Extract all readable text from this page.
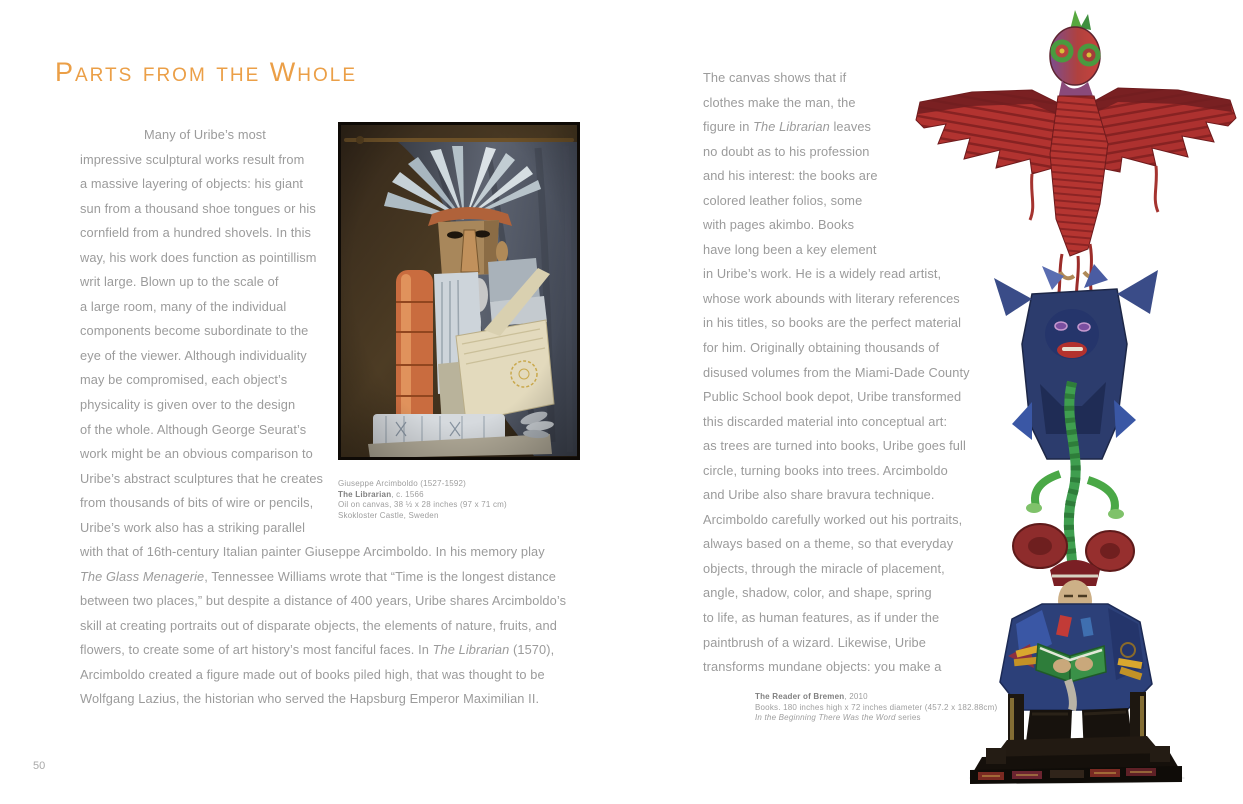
Parts from the Whole
Many of Uribe’s most
impressive sculptural works result from
a massive layering of objects: his giant
sun from a thousand shoe tongues or his
cornfield from a hundred shovels. In this
way, his work does function as pointillism
writ large. Blown up to the scale of
a large room, many of the individual
components become subordinate to the
eye of the viewer. Although individuality
may be compromised, each object’s
physicality is given over to the design
of the whole. Although George Seurat’s
work might be an obvious comparison to
Uribe’s abstract sculptures that he creates
from thousands of bits of wire or pencils,
Uribe’s work also has a striking parallel
with that of 16th-century Italian painter Giuseppe Arcimboldo. In his memory play
The Glass Menagerie, Tennessee Williams wrote that “Time is the longest distance
between two places,” but despite a distance of 400 years, Uribe shares Arcimboldo’s
skill at creating portraits out of disparate objects, the elements of nature, fruits, and
flowers, to create some of art history’s most fanciful faces. In The Librarian (1570),
Arcimboldo created a figure made out of books piled high, that was thought to be
Wolfgang Lazius, the historian who served the Hapsburg Emperor Maximilian II.
Giuseppe Arcimboldo (1527-1592)
The Librarian, c. 1566
Oil on canvas, 38 ½ x 28 inches (97 x 71 cm)
Skokloster Castle, Sweden
The canvas shows that if
clothes make the man, the
figure in The Librarian leaves
no doubt as to his profession
and his interest: the books are
colored leather folios, some
with pages akimbo. Books
have long been a key element
in Uribe’s work. He is a widely read artist,
whose work abounds with literary references
in his titles, so books are the perfect material
for him. Originally obtaining thousands of
disused volumes from the Miami-Dade County
Public School book depot, Uribe transformed
this discarded material into conceptual art:
as trees are turned into books, Uribe goes full
circle, turning books into trees. Arcimboldo
and Uribe also share bravura technique.
Arcimboldo carefully worked out his portraits,
always based on a theme, so that everyday
objects, through the miracle of placement,
angle, shadow, color, and shape, spring
to life, as human features, as if under the
paintbrush of a wizard. Likewise, Uribe
transforms mundane objects: you make a
The Reader of Bremen, 2010
Books. 180 inches high x 72 inches diameter (457.2 x 182.88cm)
In the Beginning There Was the Word series
50
